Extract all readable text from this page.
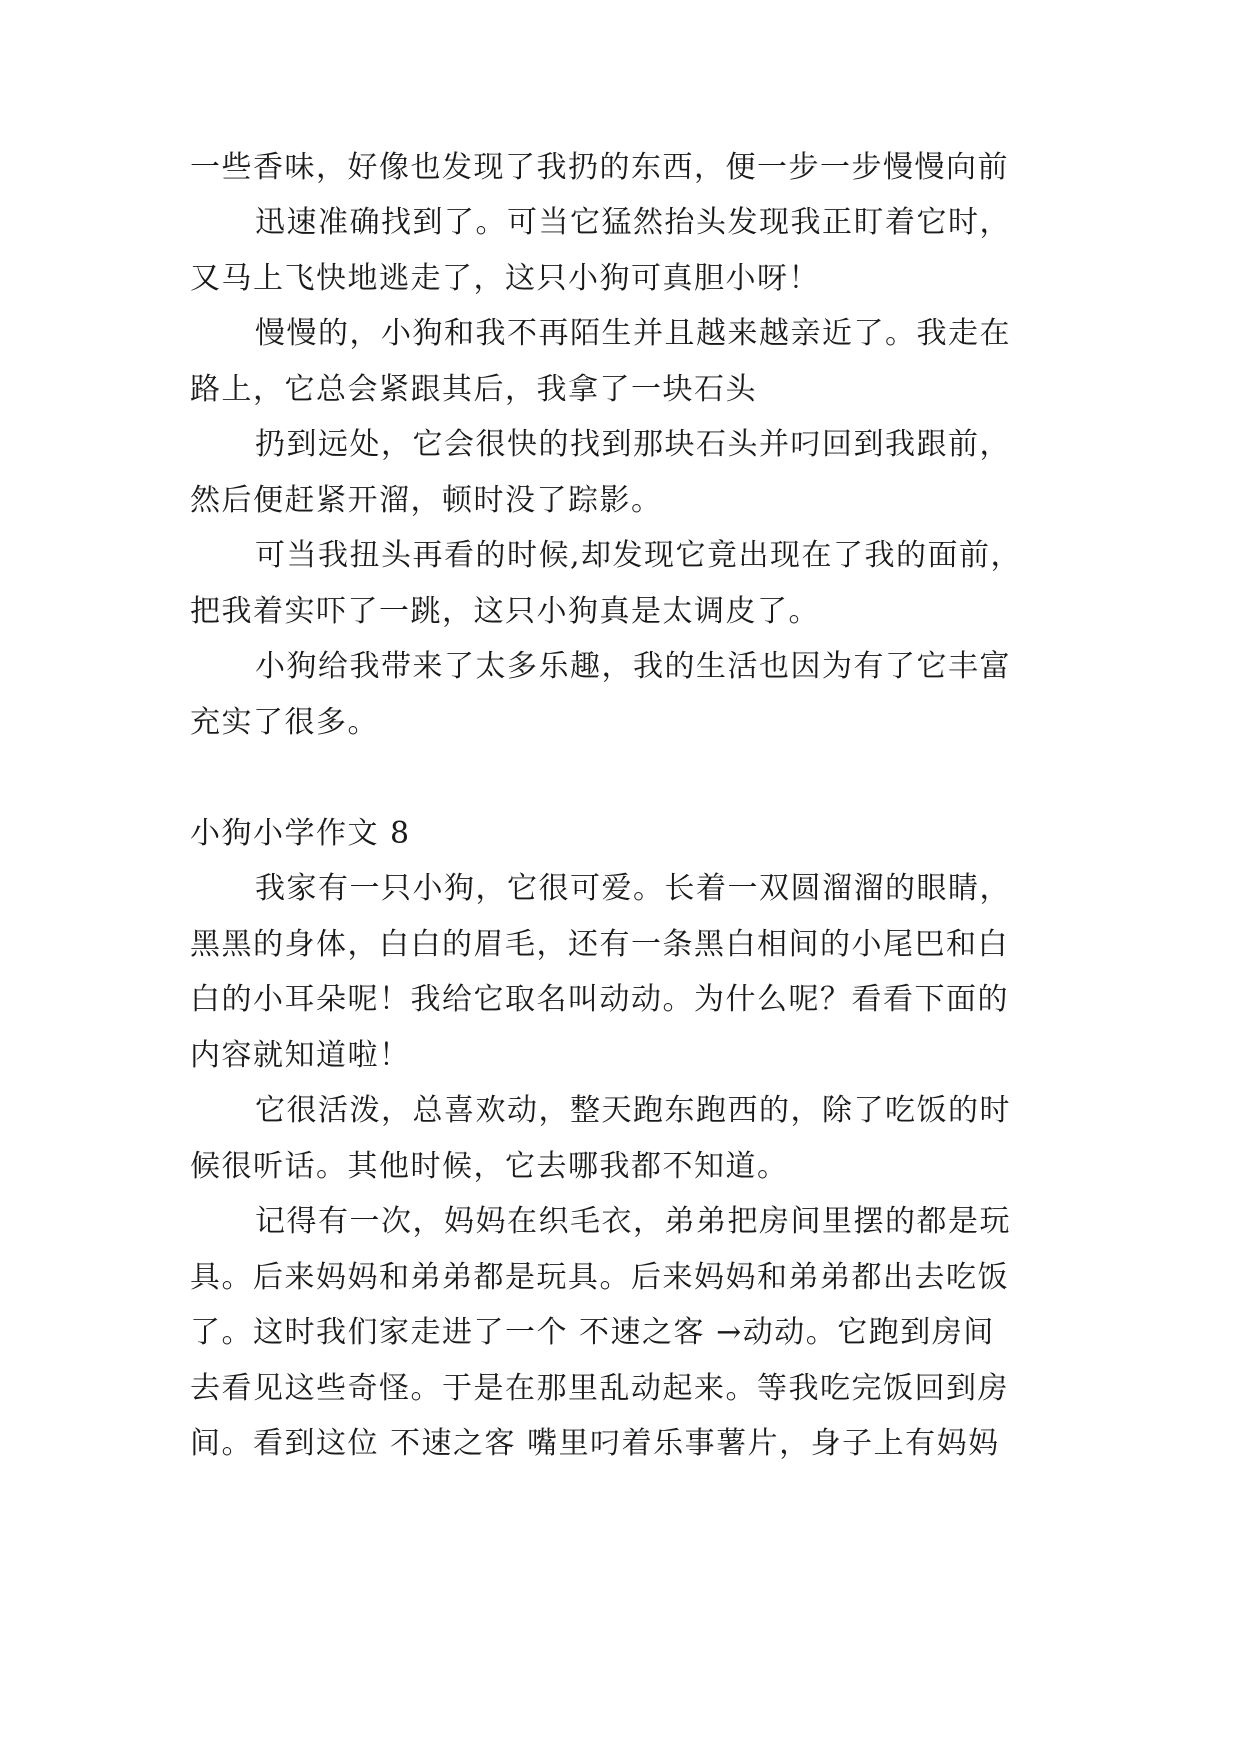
一些香味，好像也发现了我扔的东西，便一步一步慢慢向前

迅速准确找到了。可当它猛然抬头发现我正盯着它时，

又马上飞快地逃走了，这只小狗可真胆小呀！

慢慢的，小狗和我不再陌生并且越来越亲近了。我走在

路上，它总会紧跟其后，我拿了一块石头

扔到远处，它会很快的找到那块石头并叼回到我跟前，

然后便赶紧开溜，顿时没了踪影。

可当我扭头再看的时候,却发现它竟出现在了我的面前，

把我着实吓了一跳，这只小狗真是太调皮了。

小狗给我带来了太多乐趣，我的生活也因为有了它丰富

充实了很多。

小狗小学作文 8

我家有一只小狗，它很可爱。长着一双圆溜溜的眼睛，

黑黑的身体，白白的眉毛，还有一条黑白相间的小尾巴和白

白的小耳朵呢！我给它取名叫动动。为什么呢？看看下面的

内容就知道啦！

它很活泼，总喜欢动，整天跑东跑西的，除了吃饭的时

候很听话。其他时候，它去哪我都不知道。

记得有一次，妈妈在织毛衣，弟弟把房间里摆的都是玩

具。后来妈妈和弟弟都是玩具。后来妈妈和弟弟都出去吃饭

了。这时我们家走进了一个 不速之客 →动动。它跑到房间

去看见这些奇怪。于是在那里乱动起来。等我吃完饭回到房

间。看到这位 不速之客 嘴里叼着乐事薯片，身子上有妈妈
